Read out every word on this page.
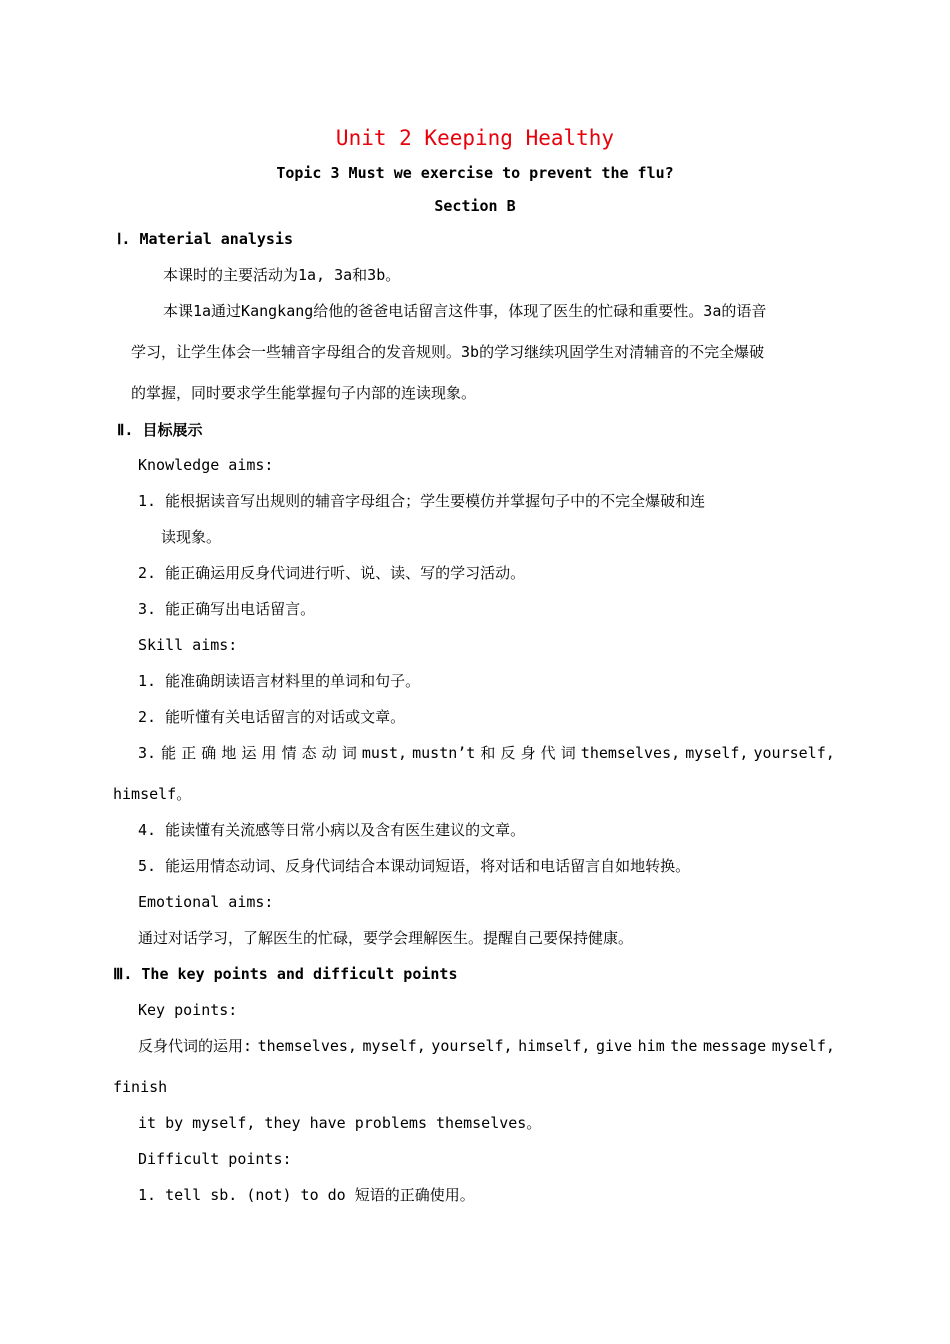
Unit 2 Keeping Healthy
Topic 3 Must we exercise to prevent the flu?
Section B
Ⅰ. Material analysis
本课时的主要活动为1a, 3a和3b。
本课1a通过Kangkang给他的爸爸电话留言这件事，体现了医生的忙碌和重要性。3a的语音
学习，让学生体会一些辅音字母组合的发音规则。3b的学习继续巩固学生对清辅音的不完全爆破
的掌握，同时要求学生能掌握句子内部的连读现象。
Ⅱ. 目标展示
Knowledge aims:
1. 能根据读音写出规则的辅音字母组合；学生要模仿并掌握句子中的不完全爆破和连
读现象。
2. 能正确运用反身代词进行听、说、读、写的学习活动。
3. 能正确写出电话留言。
Skill aims:
1. 能准确朗读语言材料里的单词和句子。
2. 能听懂有关电话留言的对话或文章。
3. 能 正 确 地 运 用 情 态 动 词 must, mustn’t 和 反 身 代 词 themselves, myself, yourself,
himself。
4. 能读懂有关流感等日常小病以及含有医生建议的文章。
5. 能运用情态动词、反身代词结合本课动词短语，将对话和电话留言自如地转换。
Emotional aims:
通过对话学习，了解医生的忙碌，要学会理解医生。提醒自己要保持健康。
Ⅲ. The key points and difficult points
Key points:
反身代词的运用: themselves, myself, yourself, himself, give him the message myself,
finish
it by myself, they have problems themselves。
Difficult points:
1. tell sb. (not) to do 短语的正确使用。
